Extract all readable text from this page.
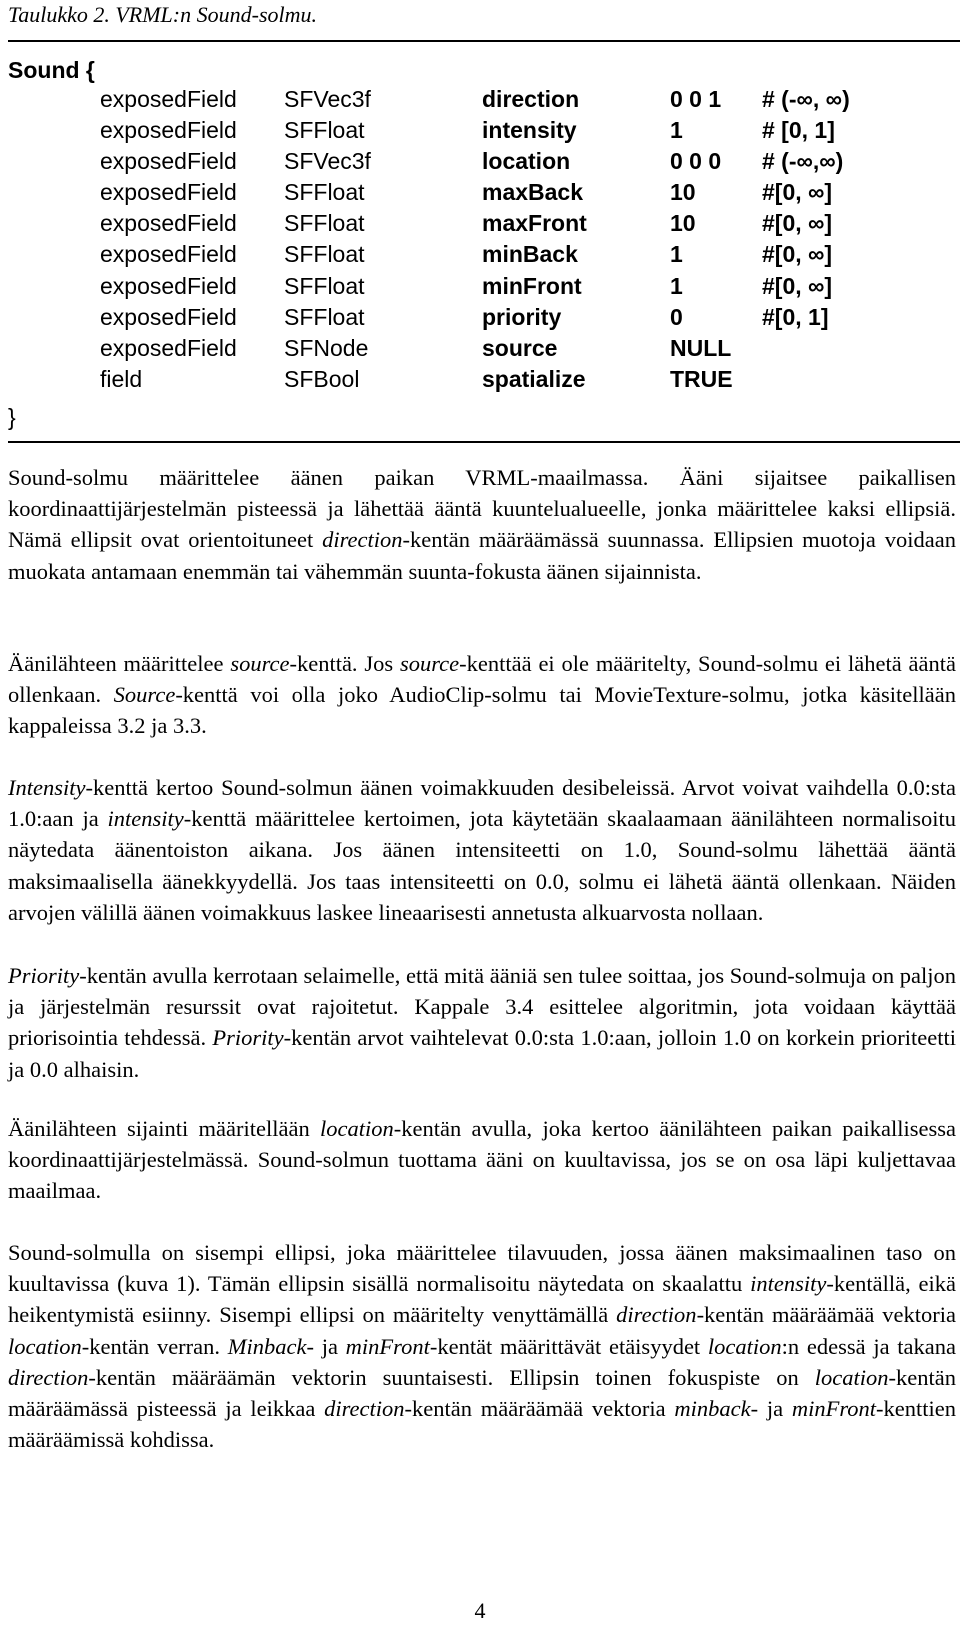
Taulukko 2. VRML:n Sound-solmu.
Sound {
exposedField SFVec3f	direction	0 0 1 # (-∞, ∞)
exposedField SFFloat	intensity	1	# [0, 1]
exposedField SFVec3f	location	0 0 0 # (-∞,∞)
exposedField SFFloat	maxBack	10	#[0, ∞]
exposedField SFFloat	maxFront	10	#[0, ∞]
exposedField SFFloat	minBack	1	#[0, ∞]
exposedField SFFloat	minFront	1	#[0, ∞]
exposedField SFFloat	priority	0	#[0, 1]
exposedField SFNode	source	NULL
field	SFBool	spatialize	TRUE
}

Sound-solmu määrittelee äänen paikan VRML-maailmassa. Ääni sijaitsee paikallisen koordinaattijärjestelmän pisteessä ja lähettää ääntä kuuntelualueelle, jonka määrittelee kaksi ellipsiä. Nämä ellipsit ovat orientoituneet direction-kentän määräämässä suunnassa. Ellipsien muotoja voidaan muokata antamaan enemmän tai vähemmän suunta-fokusta äänen sijainnista.

Äänilähteen määrittelee source-kenttä. Jos source-kenttää ei ole määritelty, Sound-solmu ei lähetä ääntä ollenkaan. Source-kenttä voi olla joko AudioClip-solmu tai MovieTexture-solmu, jotka käsitellään kappaleissa 3.2 ja 3.3.

Intensity-kenttä kertoo Sound-solmun äänen voimakkuuden desibeleissä. Arvot voivat vaihdella 0.0:sta 1.0:aan ja intensity-kenttä määrittelee kertoimen, jota käytetään skaalaamaan äänilähteen normalisoitu näytedata äänentoiston aikana. Jos äänen intensiteetti on 1.0, Sound-solmu lähettää ääntä maksimaalisella äänekkyydellä. Jos taas intensiteetti on 0.0, solmu ei lähetä ääntä ollenkaan. Näiden arvojen välillä äänen voimakkuus laskee lineaarisesti annetusta alkuarvosta nollaan.

Priority-kentän avulla kerrotaan selaimelle, että mitä ääniä sen tulee soittaa, jos Sound-solmuja on paljon ja järjestelmän resurssit ovat rajoitetut. Kappale 3.4 esittelee algoritmin, jota voidaan käyttää priorisointia tehdessä. Priority-kentän arvot vaihtelevat 0.0:sta 1.0:aan, jolloin 1.0 on korkein prioriteetti ja 0.0 alhaisin.

Äänilähteen sijainti määritellään location-kentän avulla, joka kertoo äänilähteen paikan paikallisessa koordinaattijärjestelmässä. Sound-solmun tuottama ääni on kuultavissa, jos se on osa läpi kuljettavaa maailmaa.

Sound-solmulla on sisempi ellipsi, joka määrittelee tilavuuden, jossa äänen maksimaalinen taso on kuultavissa (kuva 1). Tämän ellipsin sisällä normalisoitu näytedata on skaalattu intensity-kentällä, eikä heikentymistä esiinny. Sisempi ellipsi on määritelty venyttämällä direction-kentän määräämää vektoria location-kentän verran. Minback- ja minFront-kentät määrittävät etäisyydet location:n edessä ja takana direction-kentän määräämän vektorin suuntaisesti. Ellipsin toinen fokuspiste on location-kentän määräämässä pisteessä ja leikkaa direction-kentän määräämää vektoria minback- ja minFront-kenttien määräämissä kohdissa.

4
